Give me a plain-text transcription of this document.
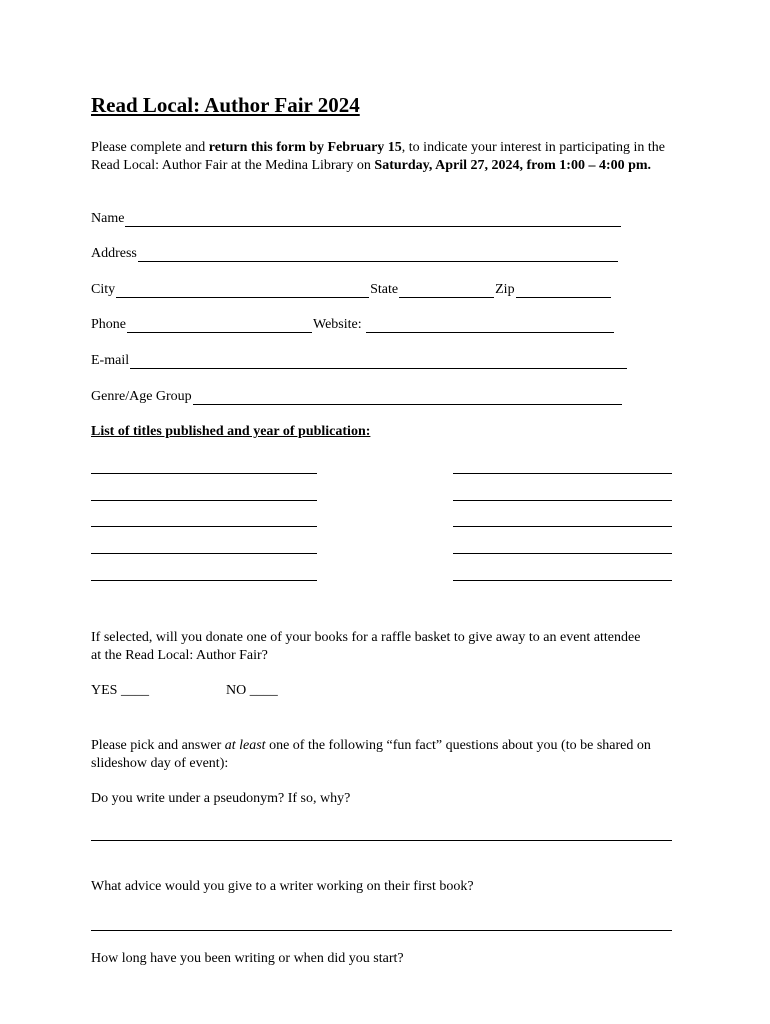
Read Local: Author Fair 2024
Please complete and return this form by February 15, to indicate your interest in participating in the Read Local: Author Fair at the Medina Library on Saturday, April 27, 2024, from 1:00 – 4:00 pm.
Name
Address
City	State	Zip
Phone	Website:
E-mail
Genre/Age Group
List of titles published and year of publication:
If selected, will you donate one of your books for a raffle basket to give away to an event attendee at the Read Local: Author Fair?
YES ____	NO ____
Please pick and answer at least one of the following “fun fact” questions about you (to be shared on slideshow day of event):
Do you write under a pseudonym? If so, why?
What advice would you give to a writer working on their first book?
How long have you been writing or when did you start?
